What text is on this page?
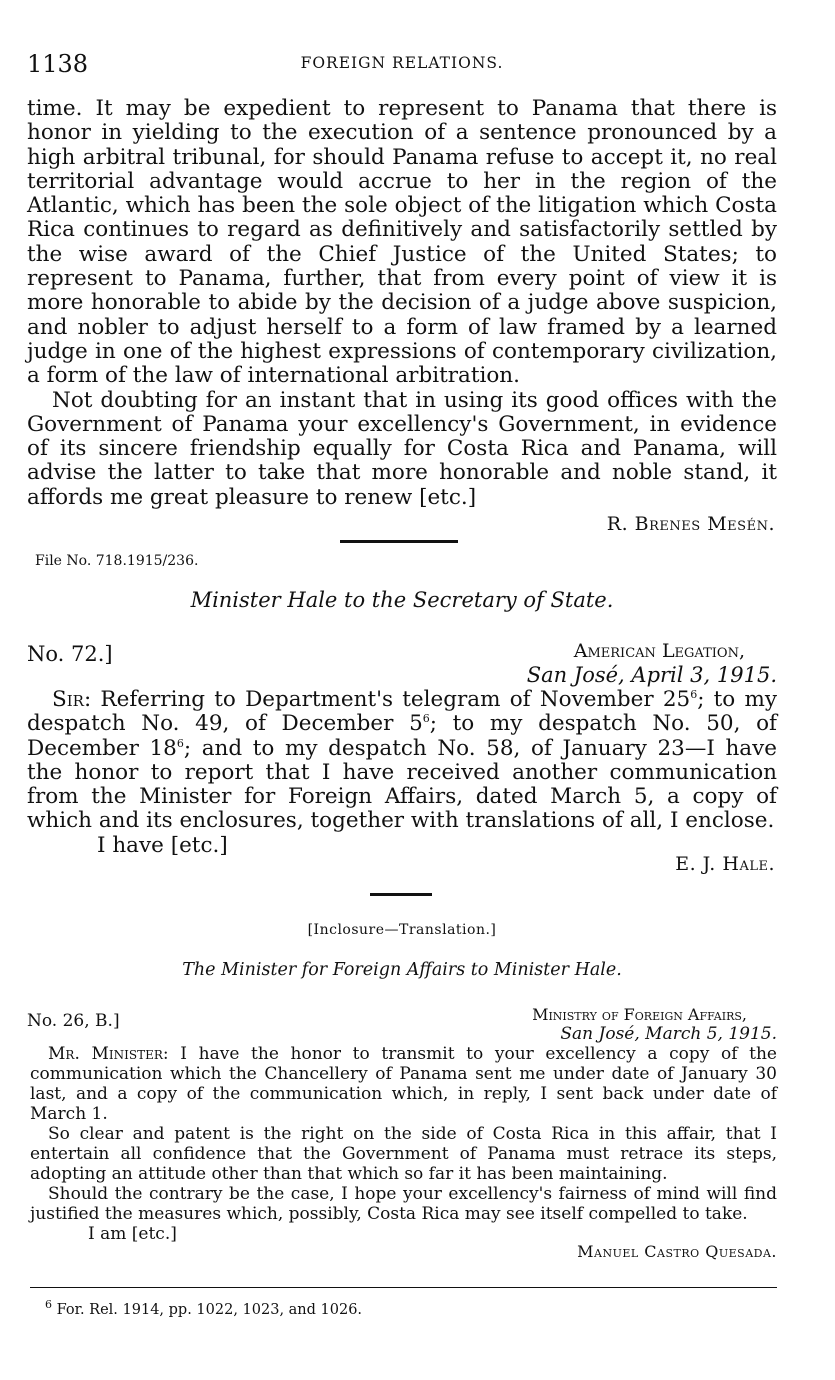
1138	FOREIGN RELATIONS.

time. It may be expedient to represent to Panama that there is honor in yielding to the execution of a sentence pronounced by a high arbitral tribunal, for should Panama refuse to accept it, no real territorial advantage would accrue to her in the region of the Atlantic, which has been the sole object of the litigation which Costa Rica continues to regard as definitively and satisfactorily settled by the wise award of the Chief Justice of the United States; to represent to Panama, further, that from every point of view it is more honorable to abide by the decision of a judge above suspicion, and nobler to adjust herself to a form of law framed by a learned judge in one of the highest expressions of contemporary civilization, a form of the law of international arbitration.

Not doubting for an instant that in using its good offices with the Government of Panama your excellency's Government, in evidence of its sincere friendship equally for Costa Rica and Panama, will advise the latter to take that more honorable and noble stand, it affords me great pleasure to renew [etc.]

R. Brenes Mesén.
File No. 718.1915/236.
Minister Hale to the Secretary of State.
No. 72.]	American Legation,
San José, April 3, 1915.

Sir: Referring to Department's telegram of November $25^6$; to my despatch No. 49, of December $5^6$; to my despatch No. 50, of December $18^6$; and to my despatch No. 58, of January 23—I have the honor to report that I have received another communication from the Minister for Foreign Affairs, dated March 5, a copy of which and its enclosures, together with translations of all, I enclose.

I have [etc.]

E. J. Hale.
[Inclosure—Translation.]
The Minister for Foreign Affairs to Minister Hale.
No. 26, B.]	Ministry of Foreign Affairs,
San José, March 5, 1915.

Mr. Minister: I have the honor to transmit to your excellency a copy of the communication which the Chancellery of Panama sent me under date of January 30 last, and a copy of the communication which, in reply, I sent back under date of March 1.

So clear and patent is the right on the side of Costa Rica in this affair, that I entertain all confidence that the Government of Panama must retrace its steps, adopting an attitude other than that which so far it has been maintaining.

Should the contrary be the case, I hope your excellency's fairness of mind will find justified the measures which, possibly, Costa Rica may see itself compelled to take.

I am [etc.]

Manuel Castro Quesada.
$^6$ For. Rel. 1914, pp. 1022, 1023, and 1026.
